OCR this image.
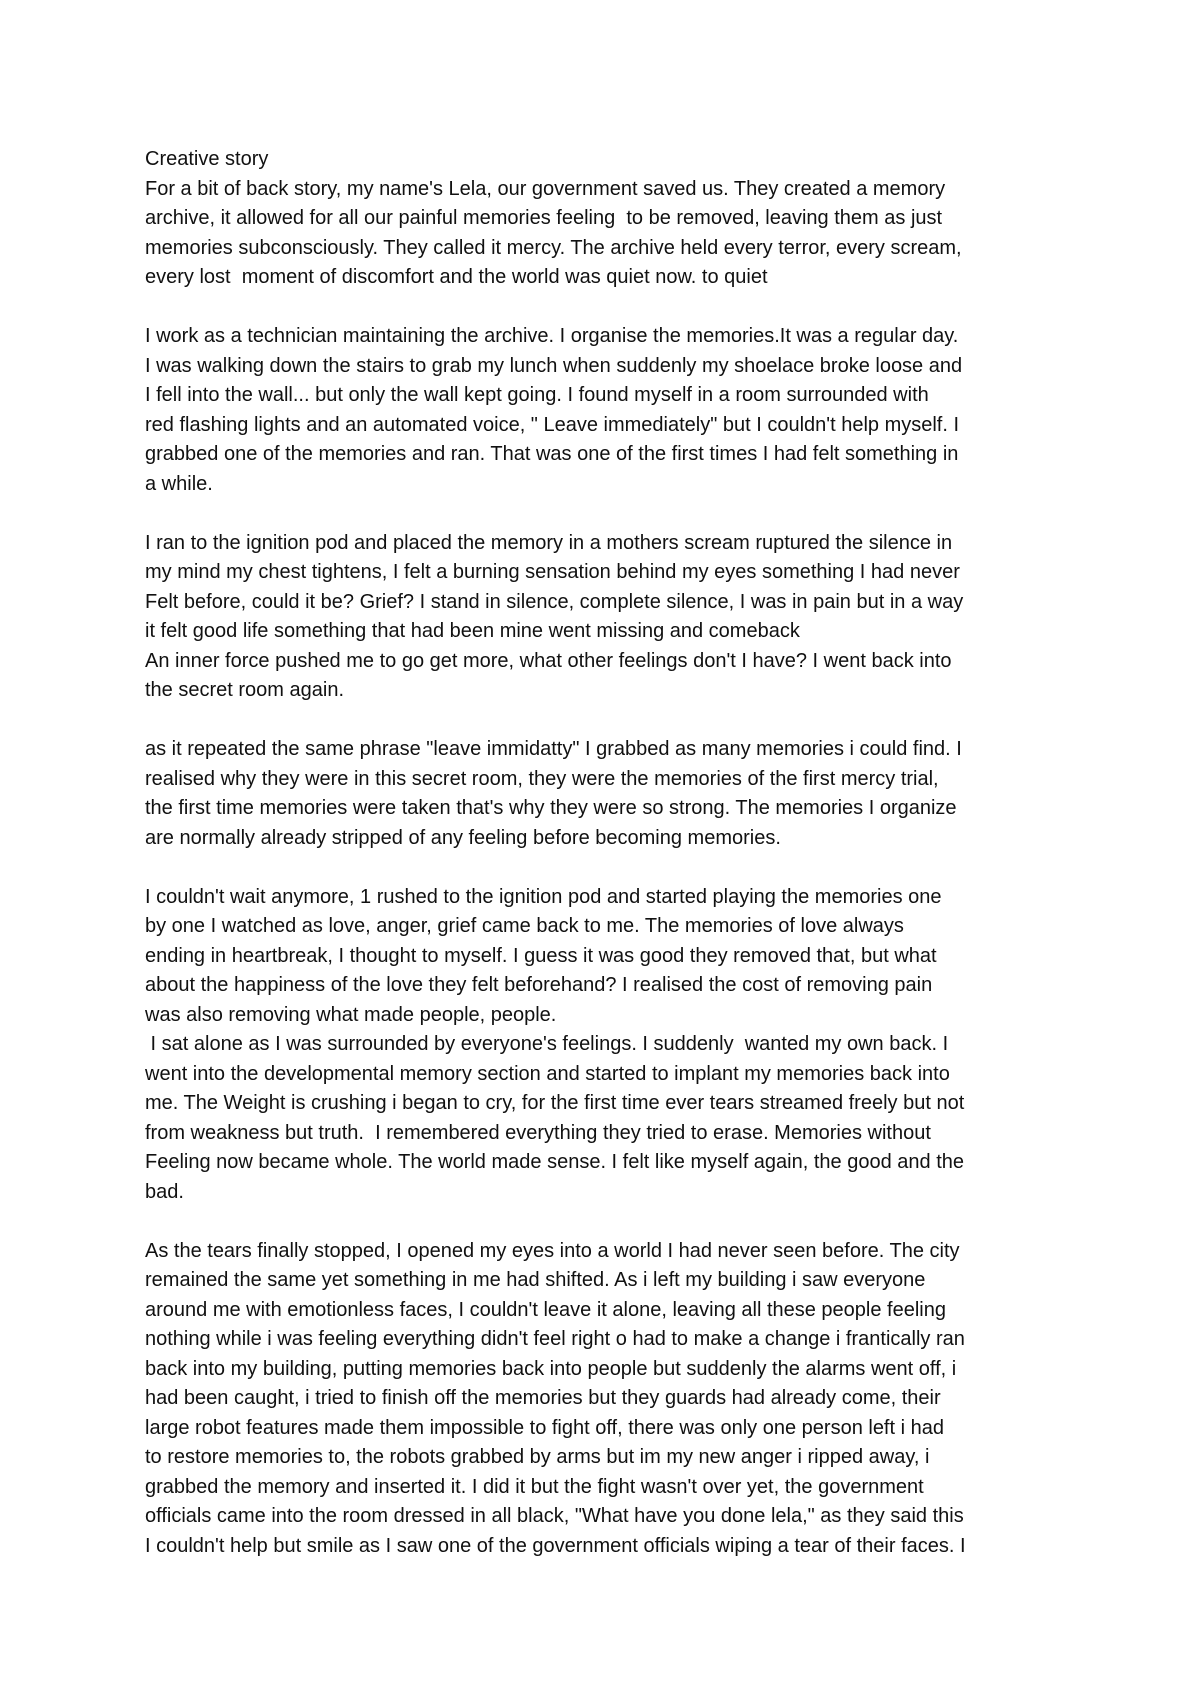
Creative story
For a bit of back story, my name's Lela, our government saved us. They created a memory
archive, it allowed for all our painful memories feeling  to be removed, leaving them as just
memories subconsciously. They called it mercy. The archive held every terror, every scream,
every lost  moment of discomfort and the world was quiet now. to quiet
I work as a technician maintaining the archive. I organise the memories.It was a regular day.
I was walking down the stairs to grab my lunch when suddenly my shoelace broke loose and
I fell into the wall... but only the wall kept going. I found myself in a room surrounded with
red flashing lights and an automated voice, " Leave immediately" but I couldn't help myself. I
grabbed one of the memories and ran. That was one of the first times I had felt something in
a while.
I ran to the ignition pod and placed the memory in a mothers scream ruptured the silence in
my mind my chest tightens, I felt a burning sensation behind my eyes something I had never
Felt before, could it be? Grief? I stand in silence, complete silence, I was in pain but in a way
it felt good life something that had been mine went missing and comeback
An inner force pushed me to go get more, what other feelings don't I have? I went back into
the secret room again.
as it repeated the same phrase "leave immidatty" I grabbed as many memories i could find. I
realised why they were in this secret room, they were the memories of the first mercy trial,
the first time memories were taken that's why they were so strong. The memories I organize
are normally already stripped of any feeling before becoming memories.
I couldn't wait anymore, 1 rushed to the ignition pod and started playing the memories one
by one I watched as love, anger, grief came back to me. The memories of love always
ending in heartbreak, I thought to myself. I guess it was good they removed that, but what
about the happiness of the love they felt beforehand? I realised the cost of removing pain
was also removing what made people, people.
I sat alone as I was surrounded by everyone's feelings. I suddenly  wanted my own back. I
went into the developmental memory section and started to implant my memories back into
me. The Weight is crushing i began to cry, for the first time ever tears streamed freely but not
from weakness but truth.  I remembered everything they tried to erase. Memories without
Feeling now became whole. The world made sense. I felt like myself again, the good and the
bad.
As the tears finally stopped, I opened my eyes into a world I had never seen before. The city
remained the same yet something in me had shifted. As i left my building i saw everyone
around me with emotionless faces, I couldn't leave it alone, leaving all these people feeling
nothing while i was feeling everything didn't feel right o had to make a change i frantically ran
back into my building, putting memories back into people but suddenly the alarms went off, i
had been caught, i tried to finish off the memories but they guards had already come, their
large robot features made them impossible to fight off, there was only one person left i had
to restore memories to, the robots grabbed by arms but im my new anger i ripped away, i
grabbed the memory and inserted it. I did it but the fight wasn't over yet, the government
officials came into the room dressed in all black, "What have you done lela," as they said this
I couldn't help but smile as I saw one of the government officials wiping a tear of their faces. I
